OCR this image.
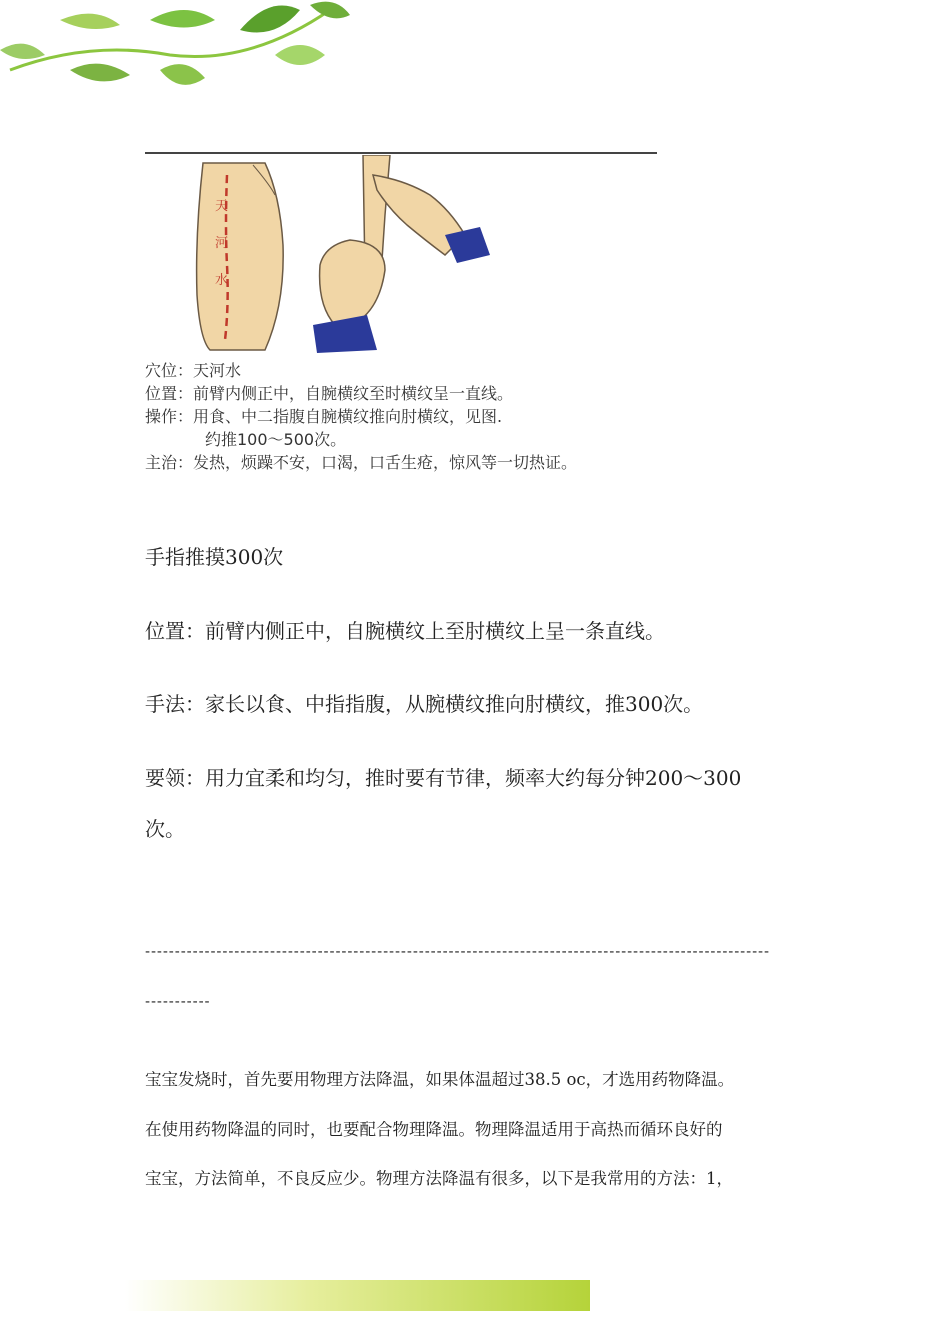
天
河
水
穴位：天河水
位置：前臂内侧正中，自腕横纹至时横纹呈一直线。
操作：用食、中二指腹自腕横纹推向肘横纹，见图.
约推100～500次。
主治：发热，烦躁不安，口渴，口舌生疮，惊风等一切热证。
手指推摸300次
位置：前臂内侧正中，自腕横纹上至肘横纹上呈一条直线。
手法：家长以食、中指指腹，从腕横纹推向肘横纹，推300次。
要领：用力宜柔和均匀，推时要有节律，频率大约每分钟200～300
次。
---------------------------------------------------------------------------------------------------------
-----------
宝宝发烧时，首先要用物理方法降温，如果体温超过38.5 oc，才选用药物降温。
在使用药物降温的同时，也要配合物理降温。物理降温适用于高热而循环良好的
宝宝，方法简单，不良反应少。物理方法降温有很多，以下是我常用的方法：1，
